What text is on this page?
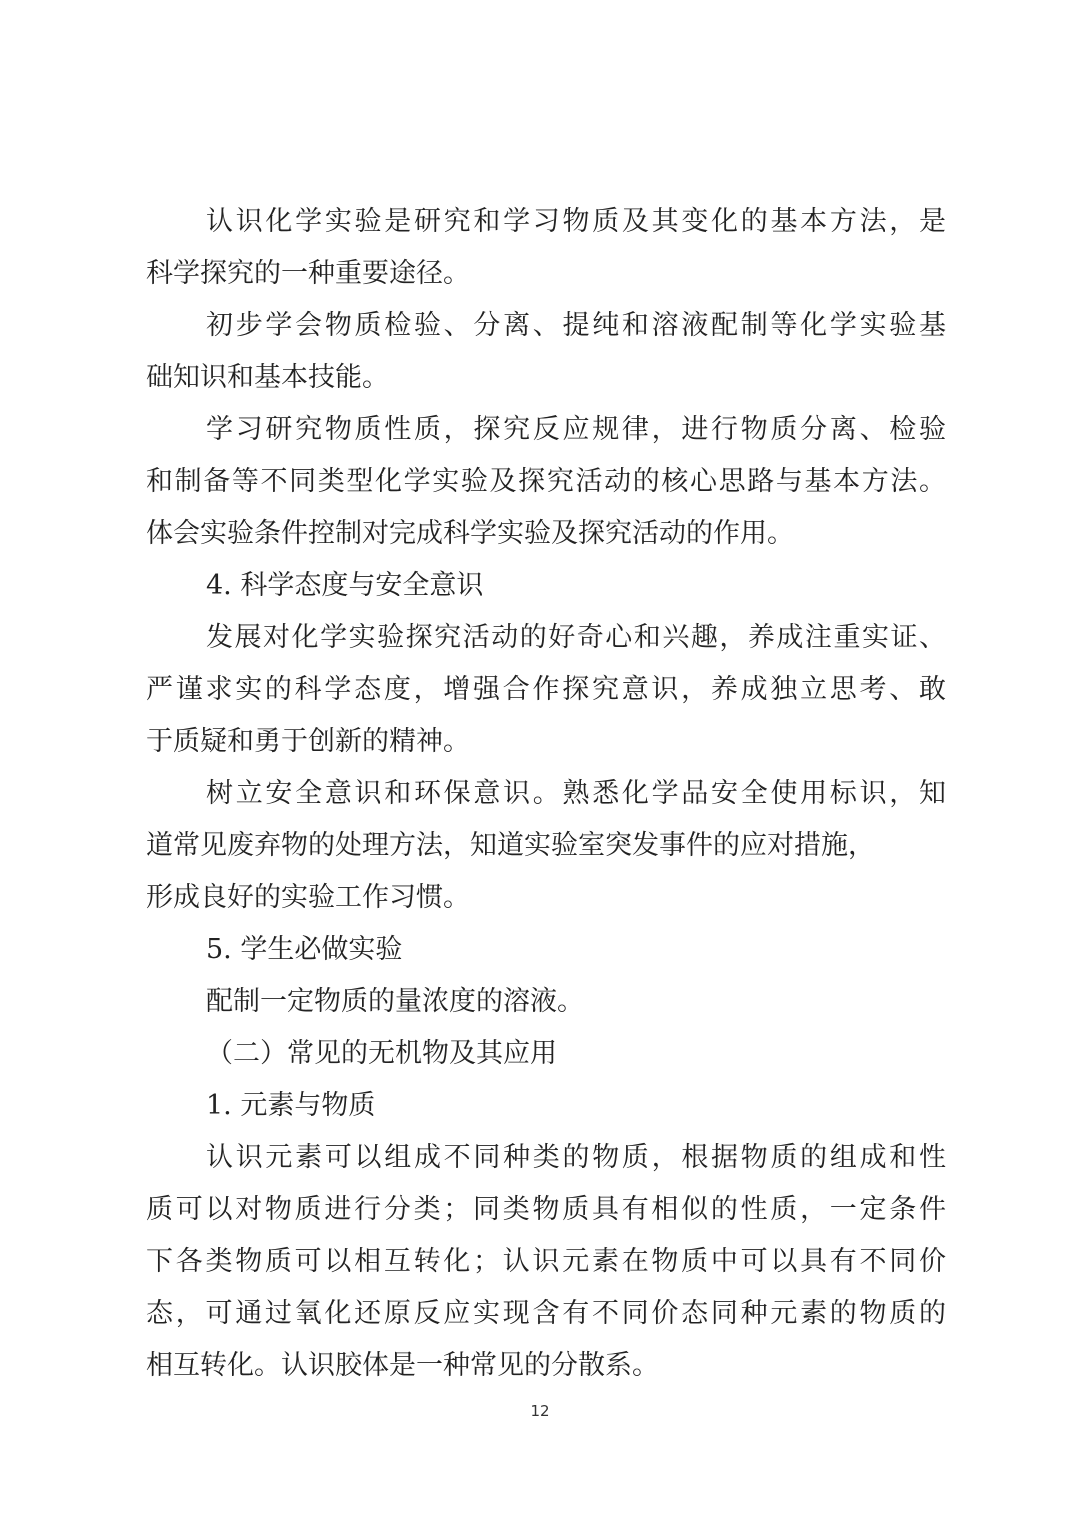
认识化学实验是研究和学习物质及其变化的基本方法，是
科学探究的一种重要途径。
初步学会物质检验、分离、提纯和溶液配制等化学实验基
础知识和基本技能。
学习研究物质性质，探究反应规律，进行物质分离、检验
和制备等不同类型化学实验及探究活动的核心思路与基本方法。
体会实验条件控制对完成科学实验及探究活动的作用。
4. 科学态度与安全意识
发展对化学实验探究活动的好奇心和兴趣，养成注重实证、
严谨求实的科学态度，增强合作探究意识，养成独立思考、敢
于质疑和勇于创新的精神。
树立安全意识和环保意识。熟悉化学品安全使用标识，知
道常见废弃物的处理方法，知道实验室突发事件的应对措施，
形成良好的实验工作习惯。
5. 学生必做实验
配制一定物质的量浓度的溶液。
（二）常见的无机物及其应用
1. 元素与物质
认识元素可以组成不同种类的物质，根据物质的组成和性
质可以对物质进行分类；同类物质具有相似的性质，一定条件
下各类物质可以相互转化；认识元素在物质中可以具有不同价
态，可通过氧化还原反应实现含有不同价态同种元素的物质的
相互转化。认识胶体是一种常见的分散系。
12
